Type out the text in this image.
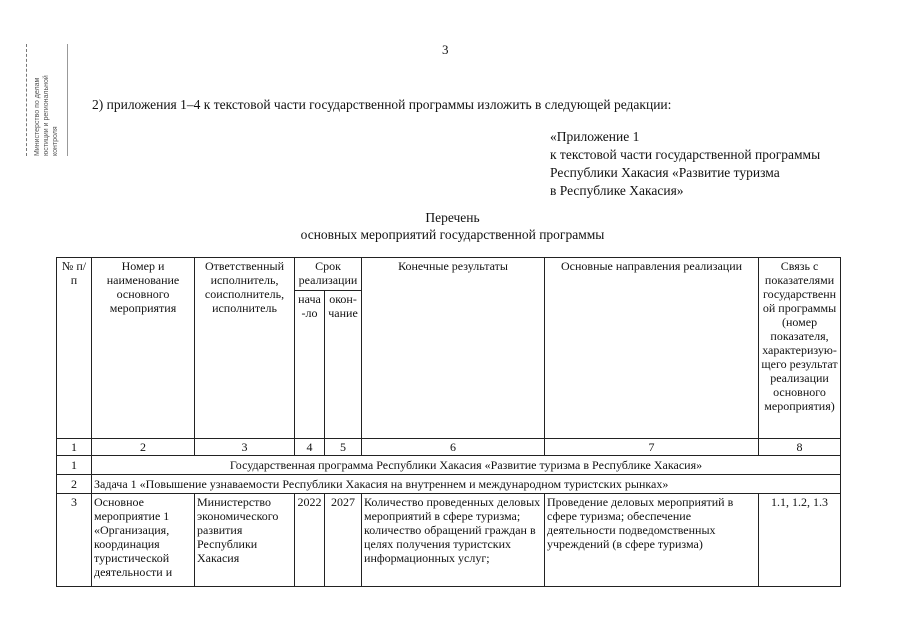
3
Министерство по делам юстиции и региональной контроля
2) приложения 1–4 к текстовой части государственной программы изложить в следующей редакции:
«Приложение 1
к текстовой части государственной программы
Республики Хакасия «Развитие туризма
в Республике Хакасия»
Перечень
основных мероприятий государственной программы
№ п/п	Номер и наименование основного мероприятия	Ответственный исполнитель, соисполнитель, исполнитель	Срок реализации		Конечные результаты	Основные направления реализации	Связь с показателями государственн ой программы (номер показателя, характеризую- щего результат реализации основного мероприятия)
			нача -ло	окон- чание			
1	2	3	4	5	6	7	8
1	Государственная программа Республики Хакасия «Развитие туризма в Республике Хакасия»						
2	Задача 1 «Повышение узнаваемости Республики Хакасия на внутреннем и международном туристских рынках»						
3	Основное мероприятие 1 «Организация, координация туристической деятельности и	Министерство экономического развития Республики Хакасия	2022	2027	Количество проведенных деловых мероприятий в сфере туризма; количество обращений граждан в целях получения туристских информационных услуг;	Проведение деловых мероприятий в сфере туризма; обеспечение деятельности подведомственных учреждений (в сфере туризма)	1.1, 1.2, 1.3
